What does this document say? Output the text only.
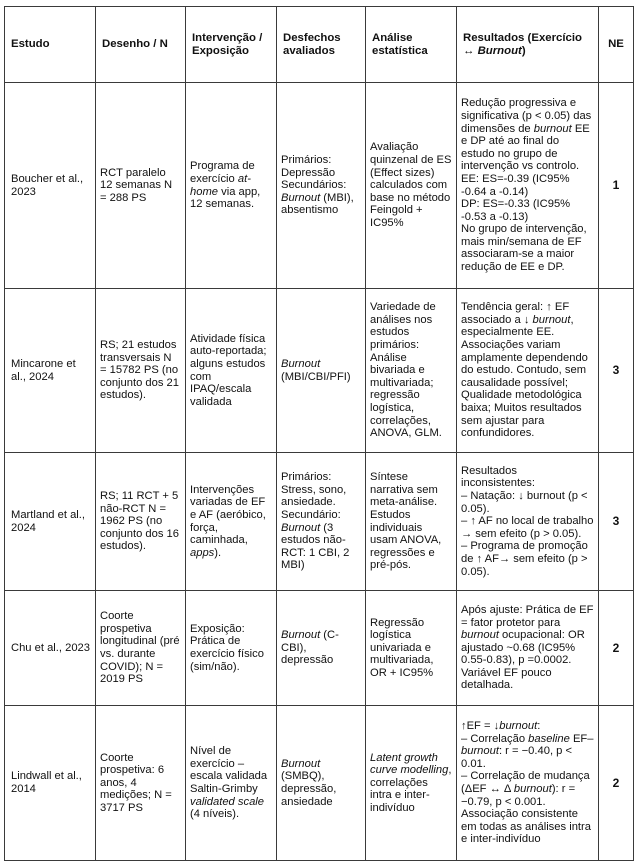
Estudo	Desenho / N	Intervenção / Exposição	Desfechos avaliados	Análise estatística	Resultados (Exercício ↔ Burnout)	NE
Boucher et al., 2023	RCT paralelo 12 semanas N = 288 PS	Programa de exercício at-home via app, 12 semanas.	Primários: Depressão Secundários: Burnout (MBI), absentismo	Avaliação quinzenal de ES (Effect sizes) calculados com base no método Feingold + IC95%	Redução progressiva e significativa (p < 0.05) das dimensões de burnout EE e DP até ao final do estudo no grupo de intervenção vs controlo.
EE: ES=-0.39 (IC95% -0.64 a -0.14)
DP: ES=-0.33 (IC95% -0.53 a -0.13)
No grupo de intervenção, mais min/semana de EF associaram-se a maior redução de EE e DP.	1
Mincarone et al., 2024	RS; 21 estudos transversais N = 15782 PS (no conjunto dos 21 estudos).	Atividade física auto-reportada; alguns estudos com IPAQ/escala validada	Burnout (MBI/CBI/PFI)	Variedade de análises nos estudos primários: Análise bivariada e multivariada; regressão logística, correlações, ANOVA, GLM.	Tendência geral: ↑ EF associado a ↓ burnout, especialmente EE. Associações variam amplamente dependendo do estudo. Contudo, sem causalidade possível; Qualidade metodológica baixa; Muitos resultados sem ajustar para confundidores.	3
Martland et al., 2024	RS; 11 RCT + 5 não-RCT N = 1962 PS (no conjunto dos 16 estudos).	Intervenções variadas de EF e AF (aeróbico, força, caminhada, apps).	Primários: Stress, sono, ansiedade. Secundário: Burnout (3 estudos não-RCT: 1 CBI, 2 MBI)	Síntese narrativa sem meta-análise. Estudos individuais usam ANOVA, regressões e pré-pós.	Resultados inconsistentes:
– Natação: ↓ burnout (p < 0.05).
– ↑ AF no local de trabalho → sem efeito (p > 0.05).
– Programa de promoção de ↑ AF→ sem efeito (p > 0.05).	3
Chu et al., 2023	Coorte prospetiva longitudinal (pré vs. durante COVID); N = 2019 PS	Exposição: Prática de exercício físico (sim/não).	Burnout (C-CBI), depressão	Regressão logística univariada e multivariada, OR + IC95%	Após ajuste: Prática de EF = fator protetor para burnout ocupacional: OR ajustado ~0.68 (IC95% 0.55-0.83), p =0.0002.
Variável EF pouco detalhada.	2
Lindwall et al., 2014	Coorte prospetiva: 6 anos, 4 medições; N = 3717 PS	Nível de exercício – escala validada Saltin-Grimby validated scale (4 níveis).	Burnout (SMBQ), depressão, ansiedade	Latent growth curve modelling, correlações intra e inter-indivíduo	↑EF = ↓burnout:
– Correlação baseline EF–burnout: r = −0.40, p < 0.01.
– Correlação de mudança (ΔEF ↔ Δ burnout): r = −0.79, p < 0.001. Associação consistente em todas as análises intra e inter-indivíduo	2
